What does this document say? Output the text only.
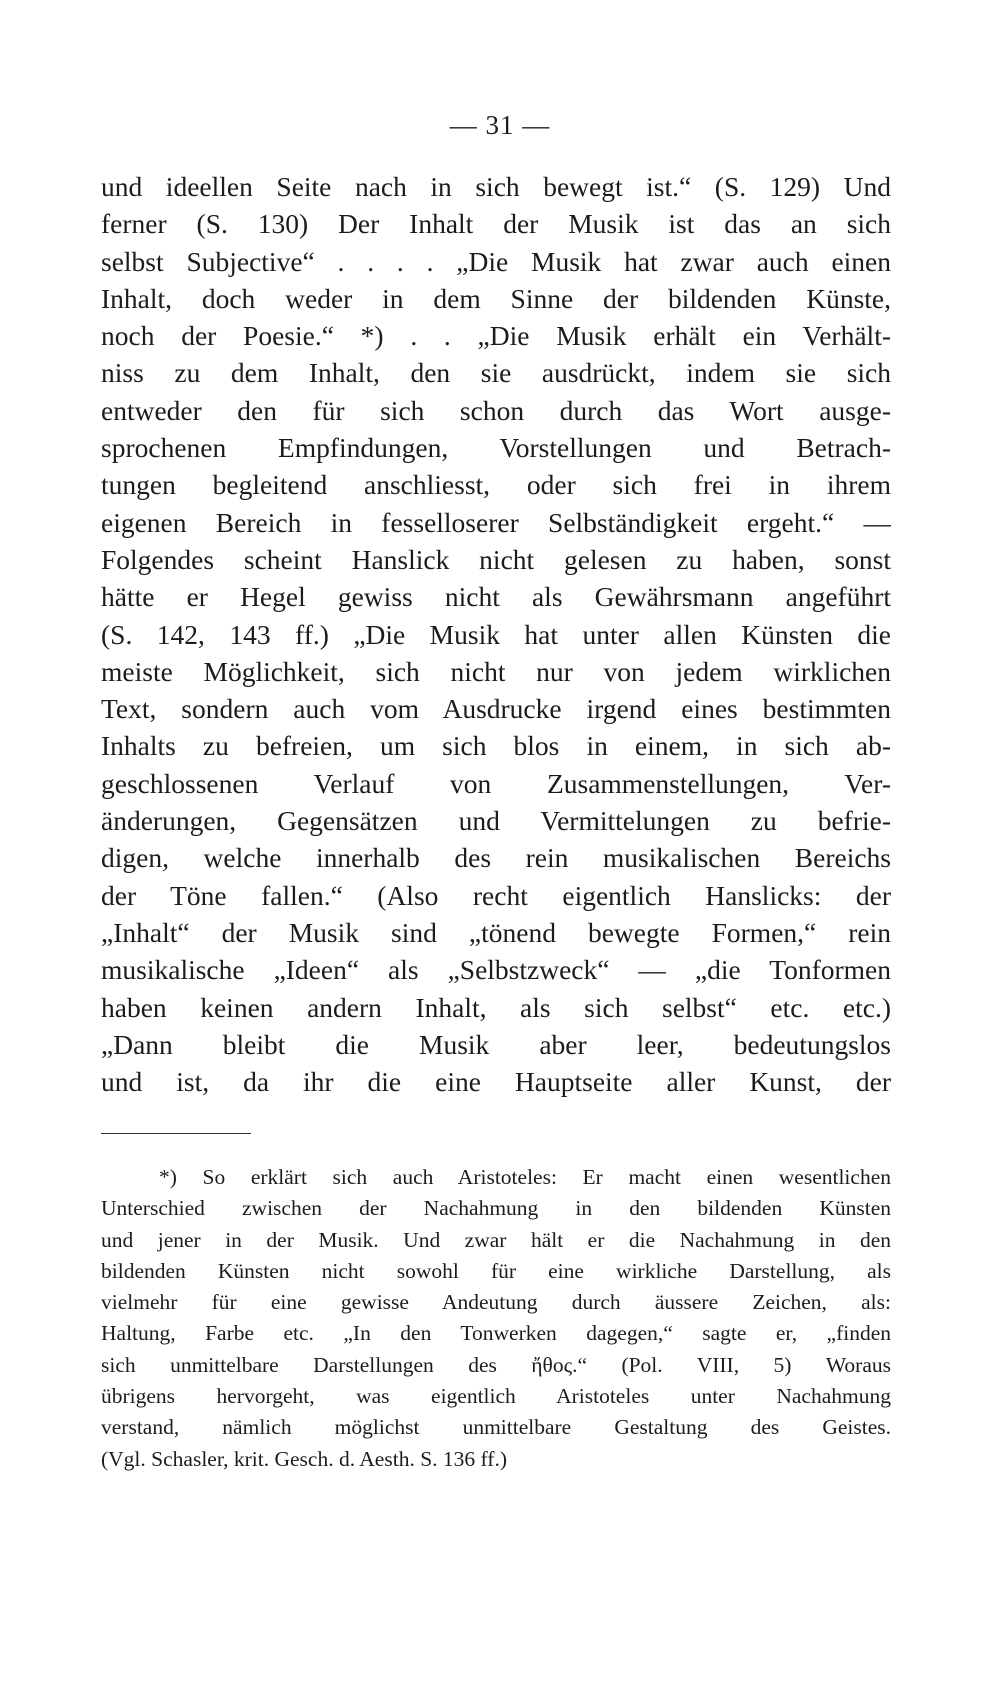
— 31 —
und ideellen Seite nach in sich bewegt ist.“ (S. 129) Und
ferner (S. 130) Der Inhalt der Musik ist das an sich
selbst Subjective“ . . . . „Die Musik hat zwar auch einen
Inhalt, doch weder in dem Sinne der bildenden Künste,
noch der Poesie.“ *) . . „Die Musik erhält ein Verhält-
niss zu dem Inhalt, den sie ausdrückt, indem sie sich
entweder den für sich schon durch das Wort ausge-
sprochenen Empfindungen, Vorstellungen und Betrach-
tungen begleitend anschliesst, oder sich frei in ihrem
eigenen Bereich in fesselloserer Selbständigkeit ergeht.“ —
Folgendes scheint Hanslick nicht gelesen zu haben, sonst
hätte er Hegel gewiss nicht als Gewährsmann angeführt
(S. 142, 143 ff.) „Die Musik hat unter allen Künsten die
meiste Möglichkeit, sich nicht nur von jedem wirklichen
Text, sondern auch vom Ausdrucke irgend eines bestimmten
Inhalts zu befreien, um sich blos in einem, in sich ab-
geschlossenen Verlauf von Zusammenstellungen, Ver-
änderungen, Gegensätzen und Vermittelungen zu befrie-
digen, welche innerhalb des rein musikalischen Bereichs
der Töne fallen.“ (Also recht eigentlich Hanslicks: der
„Inhalt“ der Musik sind „tönend bewegte Formen,“ rein
musikalische „Ideen“ als „Selbstzweck“ — „die Tonformen
haben keinen andern Inhalt, als sich selbst“ etc. etc.)
„Dann bleibt die Musik aber leer, bedeutungslos
und ist, da ihr die eine Hauptseite aller Kunst, der
*) So erklärt sich auch Aristoteles: Er macht einen wesentlichen
Unterschied zwischen der Nachahmung in den bildenden Künsten
und jener in der Musik. Und zwar hält er die Nachahmung in den
bildenden Künsten nicht sowohl für eine wirkliche Darstellung, als
vielmehr für eine gewisse Andeutung durch äussere Zeichen, als:
Haltung, Farbe etc. „In den Tonwerken dagegen,“ sagte er, „finden
sich unmittelbare Darstellungen des ἤθος.“ (Pol. VIII, 5) Woraus
übrigens hervorgeht, was eigentlich Aristoteles unter Nachahmung
verstand, nämlich möglichst unmittelbare Gestaltung des Geistes.
(Vgl. Schasler, krit. Gesch. d. Aesth. S. 136 ff.)
